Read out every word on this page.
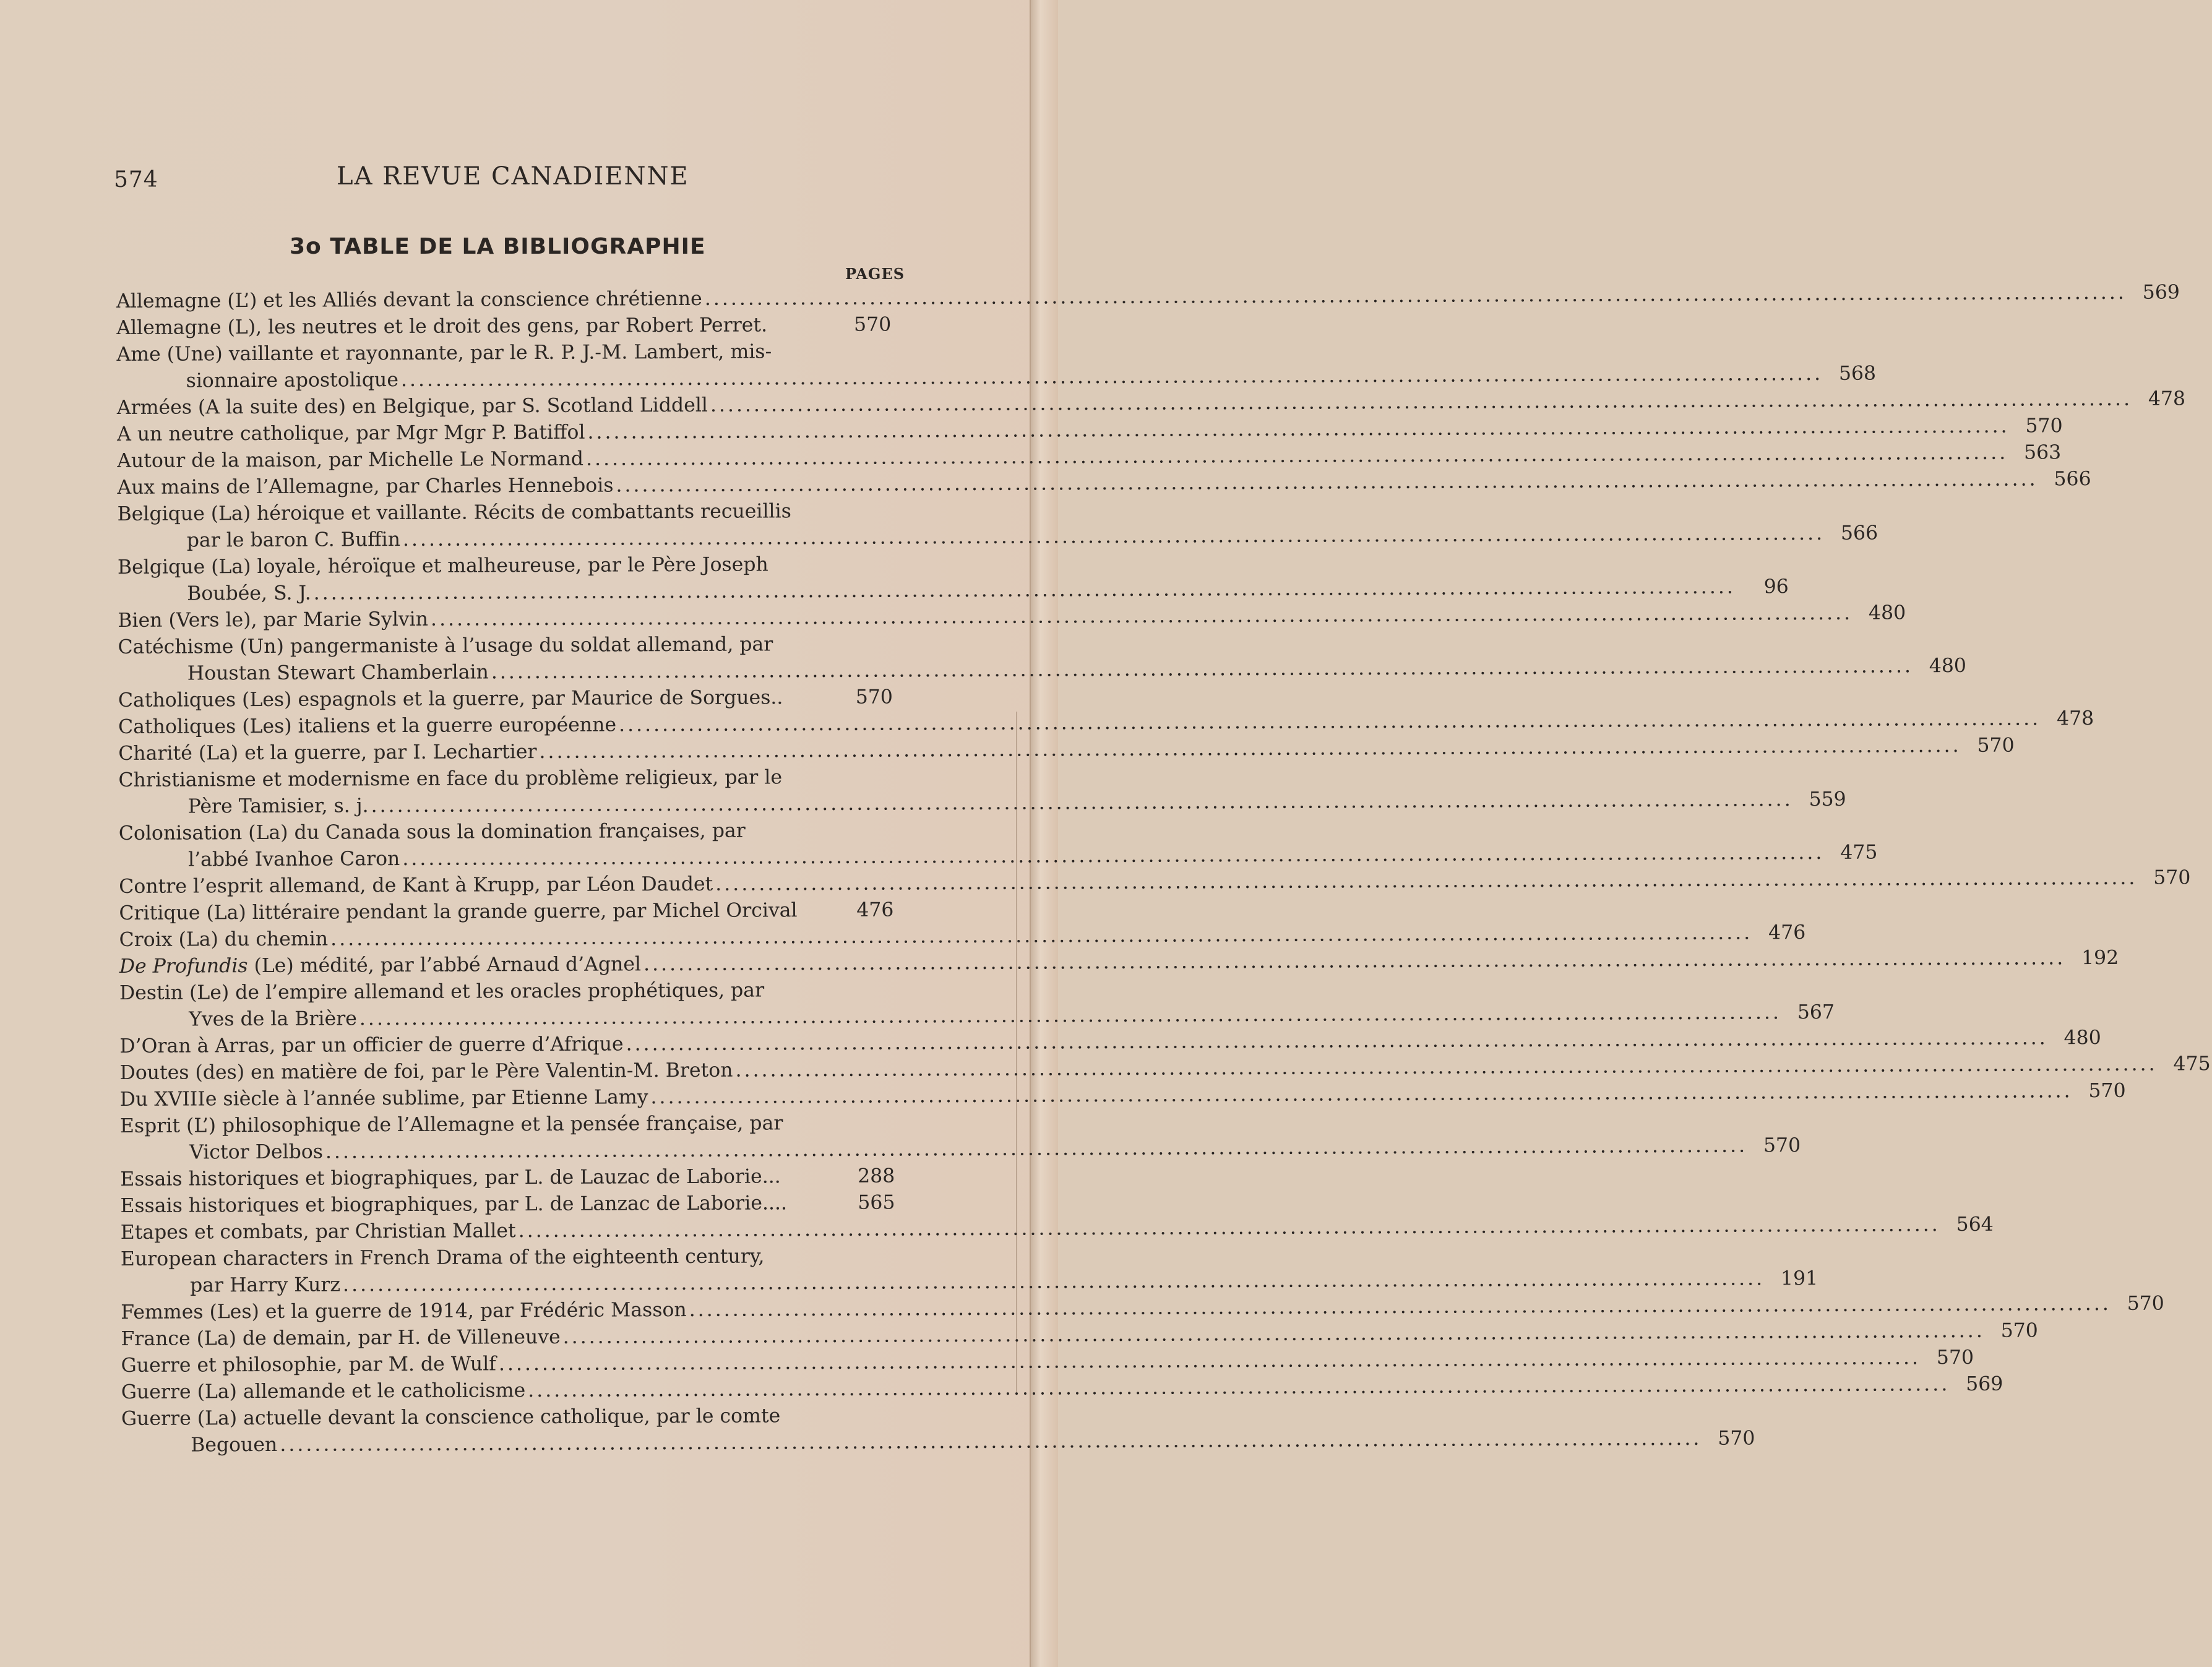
574	LA REVUE CANADIENNE
3o TABLE DE LA BIBLIOGRAPHIE
PAGES
Allemagne (L’) et les Alliés devant la conscience chrétienne .....	569
Allemagne (L), les neutres et le droit des gens, par Robert Perret.	570
Ame (Une) vaillante et rayonnante, par le R. P. J.-M. Lambert, mis-
sionnaire apostolique .....	568
Armées (A la suite des) en Belgique, par S. Scotland Liddell .....	478
A un neutre catholique, par Mgr Mgr P. Batiffol .....	570
Autour de la maison, par Michelle Le Normand .....	563
Aux mains de l’Allemagne, par Charles Hennebois .....	566
Belgique (La) héroique et vaillante. Récits de combattants recueillis
par le baron C. Buffin .....	566
Belgique (La) loyale, héroïque et malheureuse, par le Père Joseph
Boubée, S. J. .....	96
Bien (Vers le), par Marie Sylvin .....	480
Catéchisme (Un) pangermaniste à l’usage du soldat allemand, par
Houstan Stewart Chamberlain .....	480
Catholiques (Les) espagnols et la guerre, par Maurice de Sorgues..	570
Catholiques (Les) italiens et la guerre européenne .....	478
Charité (La) et la guerre, par I. Lechartier .....	570
Christianisme et modernisme en face du problème religieux, par le
Père Tamisier, s. j. .....	559
Colonisation (La) du Canada sous la domination françaises, par
l’abbé Ivanhoe Caron .....	475
Contre l’esprit allemand, de Kant à Krupp, par Léon Daudet .....	570
Critique (La) littéraire pendant la grande guerre, par Michel Orcival	476
Croix (La) du chemin .....	476
De Profundis (Le) médité, par l’abbé Arnaud d’Agnel .....	192
Destin (Le) de l’empire allemand et les oracles prophétiques, par
Yves de la Brière .....	567
D’Oran à Arras, par un officier de guerre d’Afrique .....	480
Doutes (des) en matière de foi, par le Père Valentin-M. Breton .....	475
Du XVIIIe siècle à l’année sublime, par Etienne Lamy .....	570
Esprit (L’) philosophique de l’Allemagne et la pensée française, par
Victor Delbos .....	570
Essais historiques et biographiques, par L. de Lauzac de Laborie...	288
Essais historiques et biographiques, par L. de Lanzac de Laborie....	565
Etapes et combats, par Christian Mallet .....	564
European characters in French Drama of the eighteenth century,
par Harry Kurz .....	191
Femmes (Les) et la guerre de 1914, par Frédéric Masson .....	570
France (La) de demain, par H. de Villeneuve .....	570
Guerre et philosophie, par M. de Wulf .....	570
Guerre (La) allemande et le catholicisme .....	569
Guerre (La) actuelle devant la conscience catholique, par le comte
Begouen .....	570
